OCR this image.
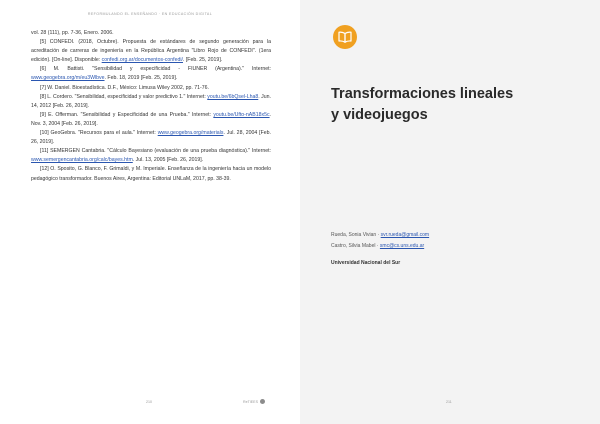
REFORMULANDO EL ENSEÑANDO · EN EDUCACIÓN DIGITAL

vol. 28 (111), pp. 7-36, Enero. 2006.

[5] CONFEDI. (2018, Octubre). Propuesta de estándares de segundo generación para la acreditación de carreras de ingeniería en la República Argentina "Libro Rojo de CONFEDI". (1era edición). [On-line]. Disponible: confedi.org.ar/documentos-confedi/. [Feb. 25, 2019].

[6] M. Battisti. "Sensibilidad y especificidad - FIUNER (Argentina)." Internet: www.geogebra.org/m/eu3Wlbve. Feb. 18, 2019 [Feb. 25, 2019].

[7] W. Daniel. Bioestadística. D.F., México: Limusa Wiley 2002, pp. 71-76.

[8] L. Cordero. "Sensibilidad, especificidad y valor predictivo 1." Internet: youtu.be/6bQsel-Lha8. Jun. 14, 2012 [Feb. 26, 2019].

[9] E. Offerman. "Sensibilidad y Especificidad de una Prueba." Internet: youtu.be/Ufto-nAB18x5c. Nov. 3, 2004 [Feb. 26, 2019].

[10] GeoGebra. "Recursos para el aula." Internet: www.geogebra.org/materials. Jul. 28, 2004 [Feb. 26, 2019].

[11] SEMERGEN Cantabria. "Cálculo Bayesiano (evaluación de una prueba diagnóstica)." Internet: www.semergencantabria.org/calc/bayes.htm. Jul. 13, 2005 [Feb. 26, 2019].

[12] O. Sposito, G. Blanco, F. Grimaldi, y M. Imperiale. Enseñanza de la ingeniería hacia un modelo pedagógico transformador. Buenos Aires, Argentina: Editorial UNLaM, 2017, pp. 38-39.

210	ReTIEES
Transformaciones lineales
y videojuegos
Rueda, Sonia Vivian · svr.rueda@gmail.com
Castro, Silvia Mabel · smc@cs.uns.edu.ar
Universidad Nacional del Sur
211
